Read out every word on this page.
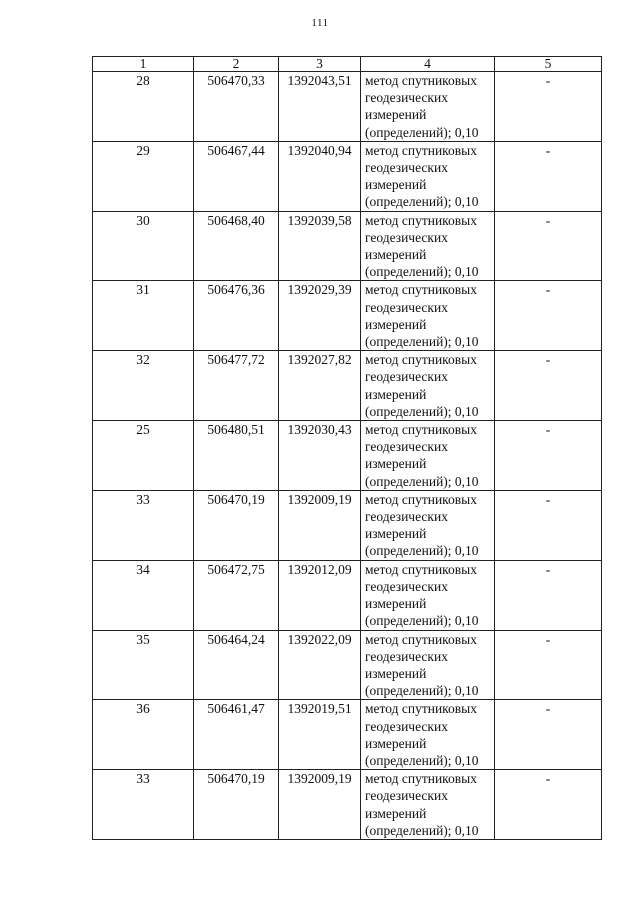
111
1	2	3	4	5
28	506470,33	1392043,51	метод спутниковых
геодезических
измерений
(определений); 0,10	-
29	506467,44	1392040,94	метод спутниковых
геодезических
измерений
(определений); 0,10	-
30	506468,40	1392039,58	метод спутниковых
геодезических
измерений
(определений); 0,10	-
31	506476,36	1392029,39	метод спутниковых
геодезических
измерений
(определений); 0,10	-
32	506477,72	1392027,82	метод спутниковых
геодезических
измерений
(определений); 0,10	-
25	506480,51	1392030,43	метод спутниковых
геодезических
измерений
(определений); 0,10	-
33	506470,19	1392009,19	метод спутниковых
геодезических
измерений
(определений); 0,10	-
34	506472,75	1392012,09	метод спутниковых
геодезических
измерений
(определений); 0,10	-
35	506464,24	1392022,09	метод спутниковых
геодезических
измерений
(определений); 0,10	-
36	506461,47	1392019,51	метод спутниковых
геодезических
измерений
(определений); 0,10	-
33	506470,19	1392009,19	метод спутниковых
геодезических
измерений
(определений); 0,10	-
